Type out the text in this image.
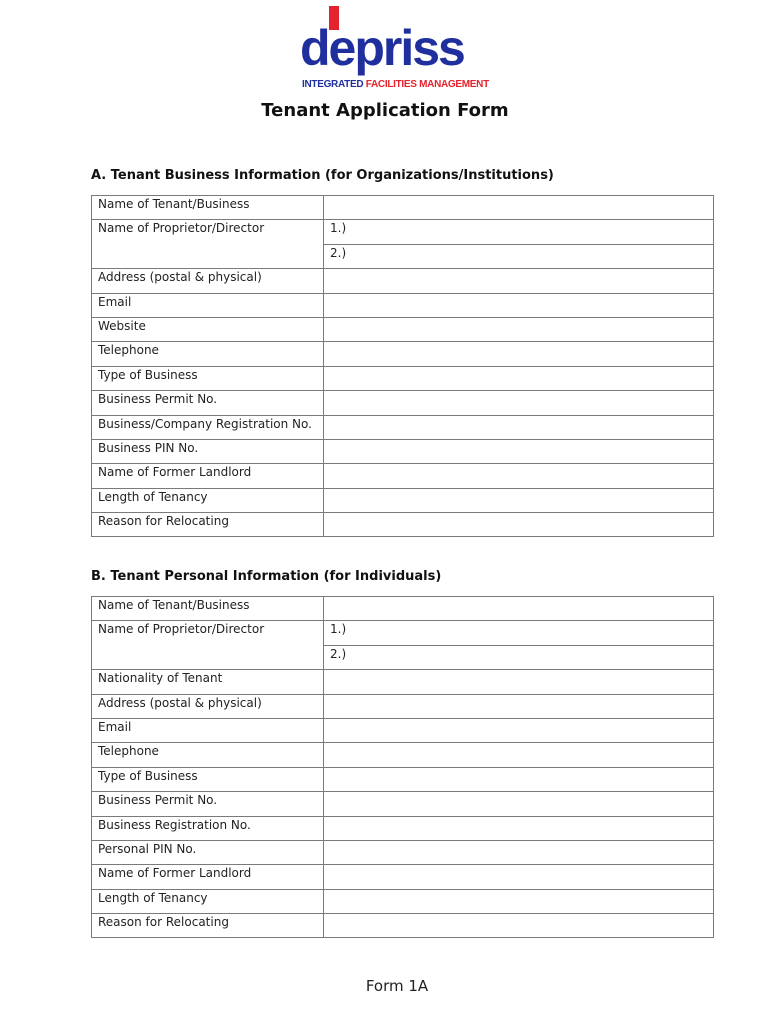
depriss
INTEGRATED FACILITIES MANAGEMENT
Tenant Application Form
A. Tenant Business Information (for Organizations/Institutions)
Name of Tenant/Business	
Name of Proprietor/Director	1.)
	2.)
Address (postal & physical)	
Email	
Website	
Telephone	
Type of Business	
Business Permit No.	
Business/Company Registration No.	
Business PIN No.	
Name of Former Landlord	
Length of Tenancy	
Reason for Relocating	
B. Tenant Personal Information (for Individuals)
Name of Tenant/Business	
Name of Proprietor/Director	1.)
	2.)
Nationality of Tenant	
Address (postal & physical)	
Email	
Telephone	
Type of Business	
Business Permit No.	
Business Registration No.	
Personal PIN No.	
Name of Former Landlord	
Length of Tenancy	
Reason for Relocating	
Form 1A
